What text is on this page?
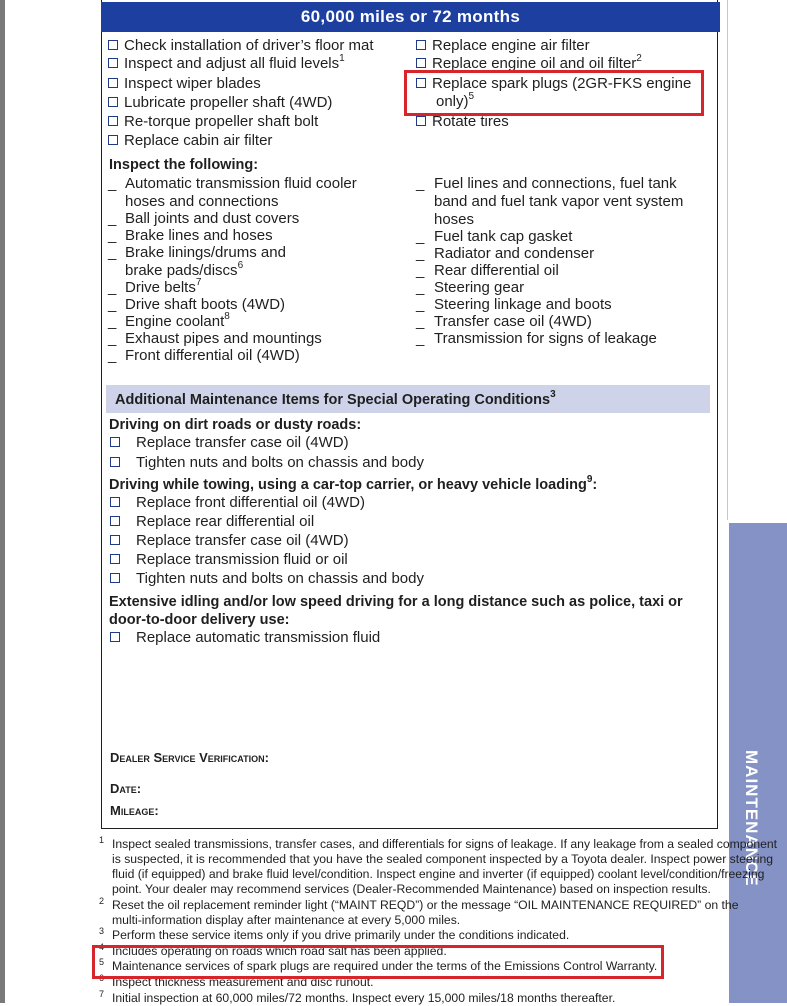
MAINTENANCE
60,000 miles or 72 months
Check installation of driver’s floor mat
Inspect and adjust all fluid levels$^1$
Inspect wiper blades
Lubricate propeller shaft (4WD)
Re-torque propeller shaft bolt
Replace cabin air filter
Replace engine air filter
Replace engine oil and oil filter$^2$
Replace spark plugs (2GR-FKS engine
only)$^5$
Rotate tires
Inspect the following:
_ Automatic transmission fluid cooler
hoses and connections
_ Ball joints and dust covers
_ Brake lines and hoses
_ Brake linings/drums and
brake pads/discs$^6$
_ Drive belts$^7$
_ Drive shaft boots (4WD)
_ Engine coolant$^8$
_ Exhaust pipes and mountings
_ Front differential oil (4WD)
_ Fuel lines and connections, fuel tank
band and fuel tank vapor vent system
hoses
_ Fuel tank cap gasket
_ Radiator and condenser
_ Rear differential oil
_ Steering gear
_ Steering linkage and boots
_ Transfer case oil (4WD)
_ Transmission for signs of leakage
Additional Maintenance Items for Special Operating Conditions$^3$
Driving on dirt roads or dusty roads:
Replace transfer case oil (4WD)
Tighten nuts and bolts on chassis and body
Driving while towing, using a car-top carrier, or heavy vehicle loading$^9$:
Replace front differential oil (4WD)
Replace rear differential oil
Replace transfer case oil (4WD)
Replace transmission fluid or oil
Tighten nuts and bolts on chassis and body
Extensive idling and/or low speed driving for a long distance such as police, taxi or
door-to-door delivery use:
Replace automatic transmission fluid
Dealer Service Verification:
Date:
Mileage:
1 Inspect sealed transmissions, transfer cases, and differentials for signs of leakage. If any leakage from a sealed component
is suspected, it is recommended that you have the sealed component inspected by a Toyota dealer. Inspect power steering
fluid (if equipped) and brake fluid level/condition. Inspect engine and inverter (if equipped) coolant level/condition/freezing
point. Your dealer may recommend services (Dealer-Recommended Maintenance) based on inspection results.
2 Reset the oil replacement reminder light (“MAINT REQD”) or the message “OIL MAINTENANCE REQUIRED” on the
multi-information display after maintenance at every 5,000 miles.
3 Perform these service items only if you drive primarily under the conditions indicated.
4 Includes operating on roads which road salt has been applied.
5 Maintenance services of spark plugs are required under the terms of the Emissions Control Warranty.
6 Inspect thickness measurement and disc runout.
7 Initial inspection at 60,000 miles/72 months. Inspect every 15,000 miles/18 months thereafter.
